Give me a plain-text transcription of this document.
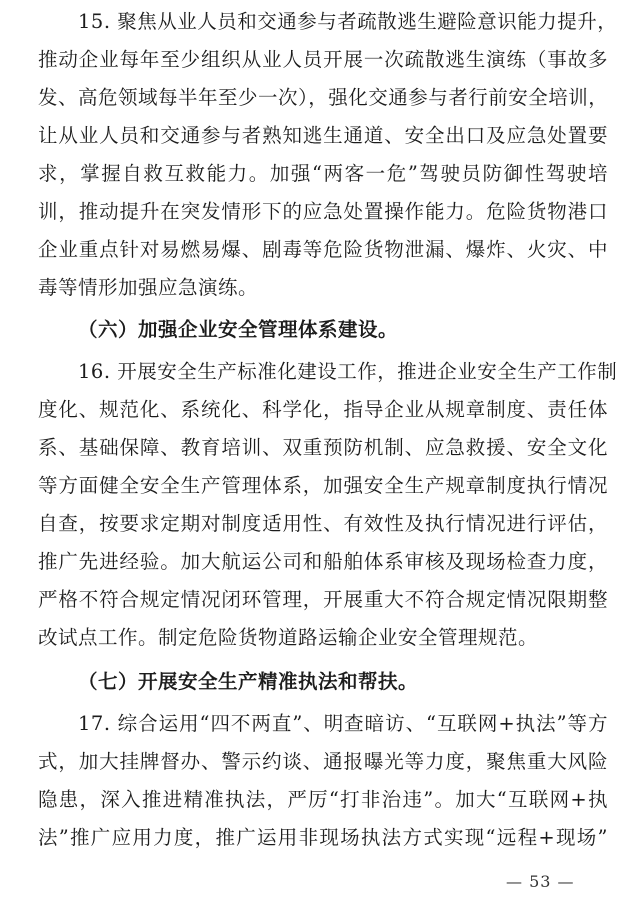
15. 聚焦从业人员和交通参与者疏散逃生避险意识能力提升，
推动企业每年至少组织从业人员开展一次疏散逃生演练（事故多
发、高危领域每半年至少一次），强化交通参与者行前安全培训，
让从业人员和交通参与者熟知逃生通道、安全出口及应急处置要
求，掌握自救互救能力。加强“两客一危”驾驶员防御性驾驶培
训，推动提升在突发情形下的应急处置操作能力。危险货物港口
企业重点针对易燃易爆、剧毒等危险货物泄漏、爆炸、火灾、中
毒等情形加强应急演练。
（六）加强企业安全管理体系建设。
16. 开展安全生产标准化建设工作，推进企业安全生产工作制
度化、规范化、系统化、科学化，指导企业从规章制度、责任体
系、基础保障、教育培训、双重预防机制、应急救援、安全文化
等方面健全安全生产管理体系，加强安全生产规章制度执行情况
自查，按要求定期对制度适用性、有效性及执行情况进行评估，
推广先进经验。加大航运公司和船舶体系审核及现场检查力度，
严格不符合规定情况闭环管理，开展重大不符合规定情况限期整
改试点工作。制定危险货物道路运输企业安全管理规范。
（七）开展安全生产精准执法和帮扶。
17. 综合运用“四不两直”、明查暗访、“互联网+执法”等方
式，加大挂牌督办、警示约谈、通报曝光等力度，聚焦重大风险
隐患，深入推进精准执法，严厉“打非治违”。加大“互联网+执
法”推广应用力度，推广运用非现场执法方式实现“远程+现场”
— 53 —
